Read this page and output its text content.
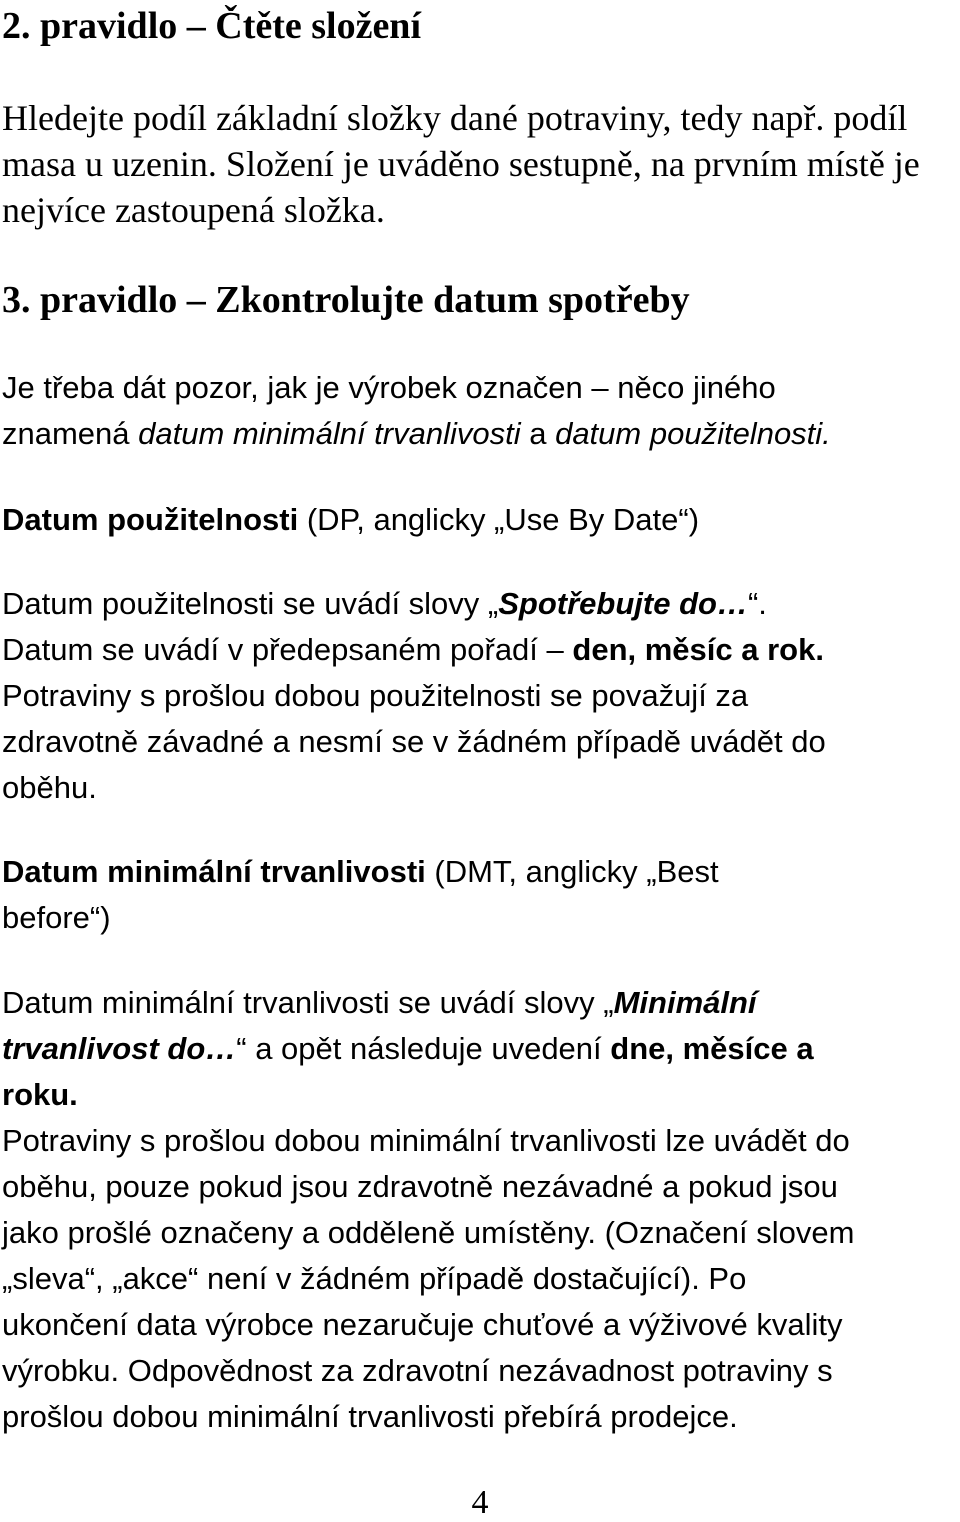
2. pravidlo – Čtěte složení
Hledejte podíl základní složky dané potraviny, tedy např. podíl
masa u uzenin. Složení je uváděno sestupně, na prvním místě je
nejvíce zastoupená složka.
3. pravidlo – Zkontrolujte datum spotřeby
Je třeba dát pozor, jak je výrobek označen – něco jiného
znamená datum minimální trvanlivosti a datum použitelnosti.
Datum použitelnosti (DP, anglicky „Use By Date“)
Datum použitelnosti se uvádí slovy „Spotřebujte do…“.
Datum se uvádí v předepsaném pořadí – den, měsíc a rok.
Potraviny s prošlou dobou použitelnosti se považují za
zdravotně závadné a nesmí se v žádném případě uvádět do
oběhu.
Datum minimální trvanlivosti (DMT, anglicky „Best
before“)
Datum minimální trvanlivosti se uvádí slovy „Minimální
trvanlivost do…“ a opět následuje uvedení dne, měsíce a
roku.
Potraviny s prošlou dobou minimální trvanlivosti lze uvádět do
oběhu, pouze pokud jsou zdravotně nezávadné a pokud jsou
jako prošlé označeny a odděleně umístěny. (Označení slovem
„sleva“, „akce“ není v žádném případě dostačující). Po
ukončení data výrobce nezaručuje chuťové a výživové kvality
výrobku. Odpovědnost za zdravotní nezávadnost potraviny s
prošlou dobou minimální trvanlivosti přebírá prodejce.
4
